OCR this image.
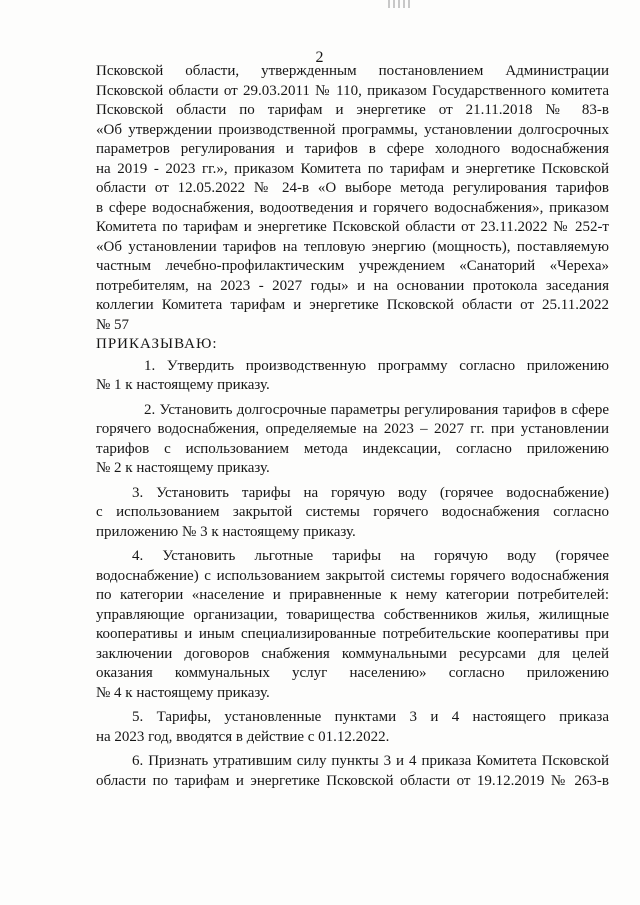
2
Псковской области, утвержденным постановлением Администрации
Псковской области от 29.03.2011 № 110, приказом Государственного комитета
Псковской области по тарифам и энергетике от 21.11.2018 № 83-в
«Об утверждении производственной программы, установлении долгосрочных
параметров регулирования и тарифов в сфере холодного водоснабжения
на 2019 - 2023 гг.», приказом Комитета по тарифам и энергетике Псковской
области от 12.05.2022 № 24-в «О выборе метода регулирования тарифов
в сфере водоснабжения, водоотведения и горячего водоснабжения», приказом
Комитета по тарифам и энергетике Псковской области от 23.11.2022 № 252-т
«Об установлении тарифов на тепловую энергию (мощность), поставляемую
частным лечебно-профилактическим учреждением «Санаторий «Череха»
потребителям, на 2023 - 2027 годы» и на основании протокола заседания
коллегии Комитета тарифам и энергетике Псковской области от 25.11.2022
№ 57
ПРИКАЗЫВАЮ:
1. Утвердить производственную программу согласно приложению
№ 1 к настоящему приказу.
2. Установить долгосрочные параметры регулирования тарифов в сфере
горячего водоснабжения, определяемые на 2023 – 2027 гг. при установлении
тарифов с использованием метода индексации, согласно приложению
№ 2 к настоящему приказу.
3. Установить тарифы на горячую воду (горячее водоснабжение)
с использованием закрытой системы горячего водоснабжения согласно
приложению № 3 к настоящему приказу.
4. Установить льготные тарифы на горячую воду (горячее
водоснабжение) с использованием закрытой системы горячего водоснабжения
по категории «население и приравненные к нему категории потребителей:
управляющие организации, товарищества собственников жилья, жилищные
кооперативы и иным специализированные потребительские кооперативы при
заключении договоров снабжения коммунальными ресурсами для целей
оказания коммунальных услуг населению» согласно приложению
№ 4 к настоящему приказу.
5. Тарифы, установленные пунктами 3 и 4 настоящего приказа
на 2023 год, вводятся в действие с 01.12.2022.
6. Признать утратившим силу пункты 3 и 4 приказа Комитета Псковской
области по тарифам и энергетике Псковской области от 19.12.2019 № 263-в
